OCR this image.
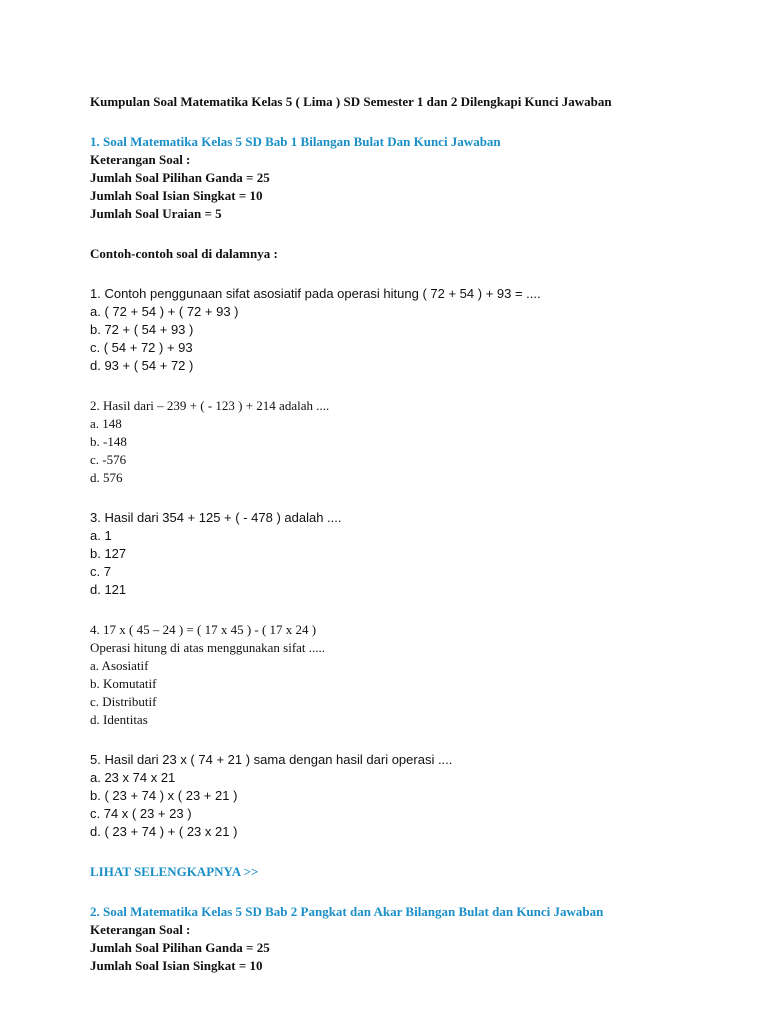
Kumpulan Soal Matematika Kelas 5 ( Lima ) SD Semester 1 dan 2 Dilengkapi Kunci Jawaban
1. Soal Matematika Kelas 5 SD Bab 1 Bilangan Bulat Dan Kunci Jawaban
Keterangan Soal :
Jumlah Soal Pilihan Ganda = 25
Jumlah Soal Isian Singkat = 10
Jumlah Soal Uraian = 5
Contoh-contoh soal di dalamnya :
1. Contoh penggunaan sifat asosiatif pada operasi hitung ( 72 + 54 ) + 93 = ....
a. ( 72 + 54 ) + ( 72 + 93 )
b. 72 + ( 54 + 93 )
c. ( 54 + 72 ) + 93
d. 93 + ( 54 + 72 )
2. Hasil dari – 239 + ( - 123 ) + 214 adalah ....
a. 148
b. -148
c. -576
d. 576
3. Hasil dari 354 + 125 + ( - 478 ) adalah ....
a. 1
b. 127
c. 7
d. 121
4. 17 x ( 45 – 24 ) = ( 17 x 45 ) - ( 17 x 24 )
Operasi hitung di atas menggunakan sifat .....
a. Asosiatif
b. Komutatif
c. Distributif
d. Identitas
5. Hasil dari 23 x ( 74 + 21 ) sama dengan hasil dari operasi ....
a. 23 x 74 x 21
b. ( 23 + 74 ) x ( 23 + 21 )
c. 74 x ( 23 + 23 )
d. ( 23 + 74 ) + ( 23 x 21 )
LIHAT SELENGKAPNYA >>
2. Soal Matematika Kelas 5 SD Bab 2 Pangkat dan Akar Bilangan Bulat dan Kunci Jawaban
Keterangan Soal :
Jumlah Soal Pilihan Ganda = 25
Jumlah Soal Isian Singkat = 10
